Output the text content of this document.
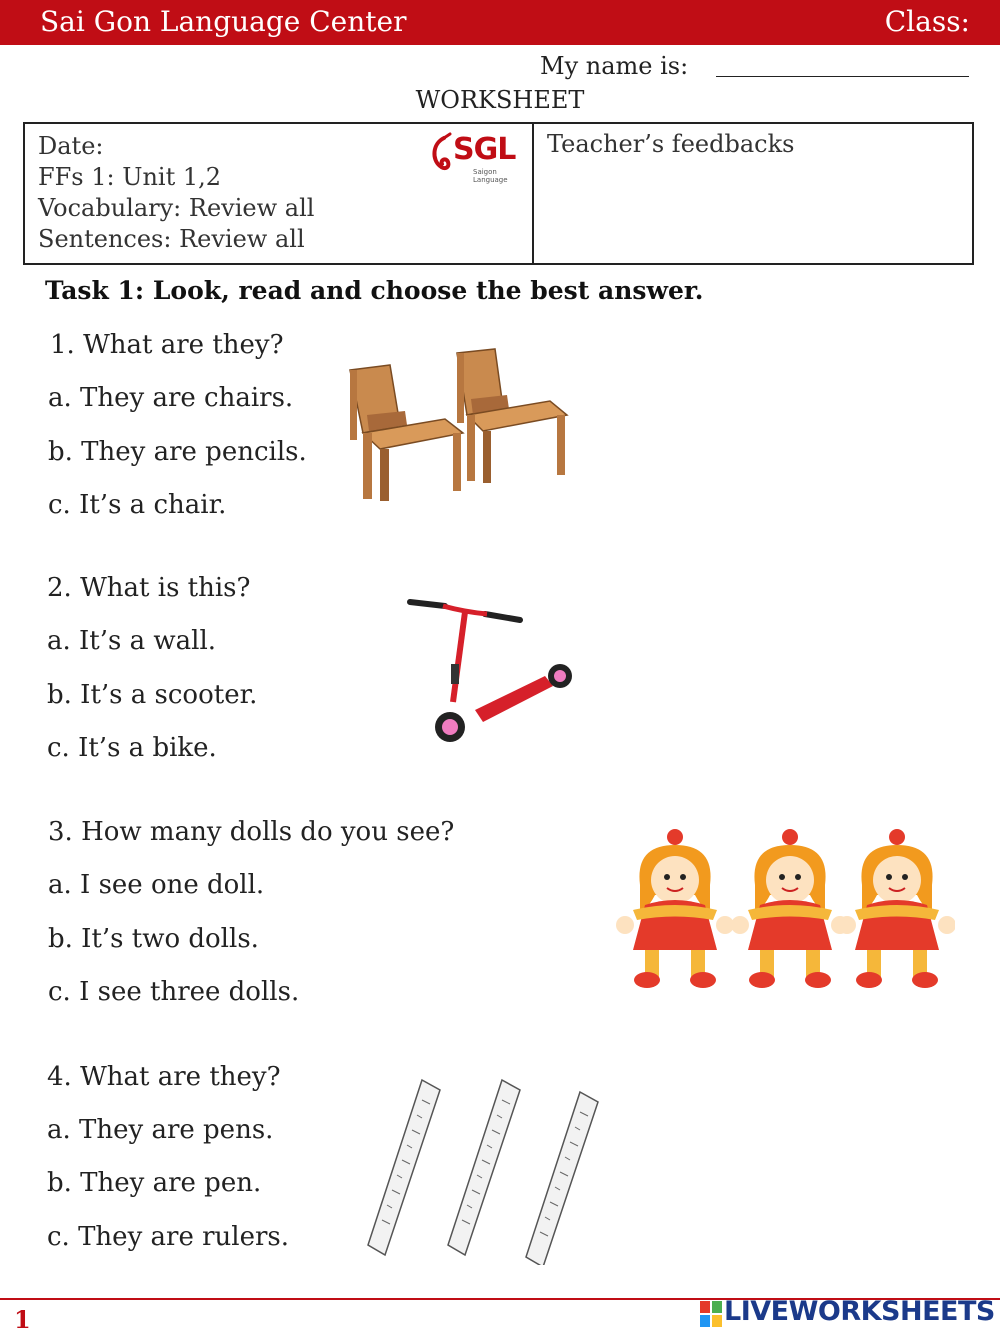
Sai Gon Language Center	Class:
My name is:
WORKSHEET
Date:
FFs 1: Unit 1,2
Vocabulary: Review all
Sentences: Review all
SGL
Saigon Language
Teacher’s feedbacks
Task 1: Look, read and choose the best answer.
1. What are they?
a. They are chairs.
b. They are pencils.
c. It’s a chair.
2. What is this?
a. It’s a wall.
b. It’s a scooter.
c. It’s a bike.
3. How many dolls do you see?
a. I see one doll.
b. It’s two dolls.
c. I see three dolls.
4. What are they?
a. They are pens.
b. They are pen.
c. They are rulers.
1	LIVEWORKSHEETS
